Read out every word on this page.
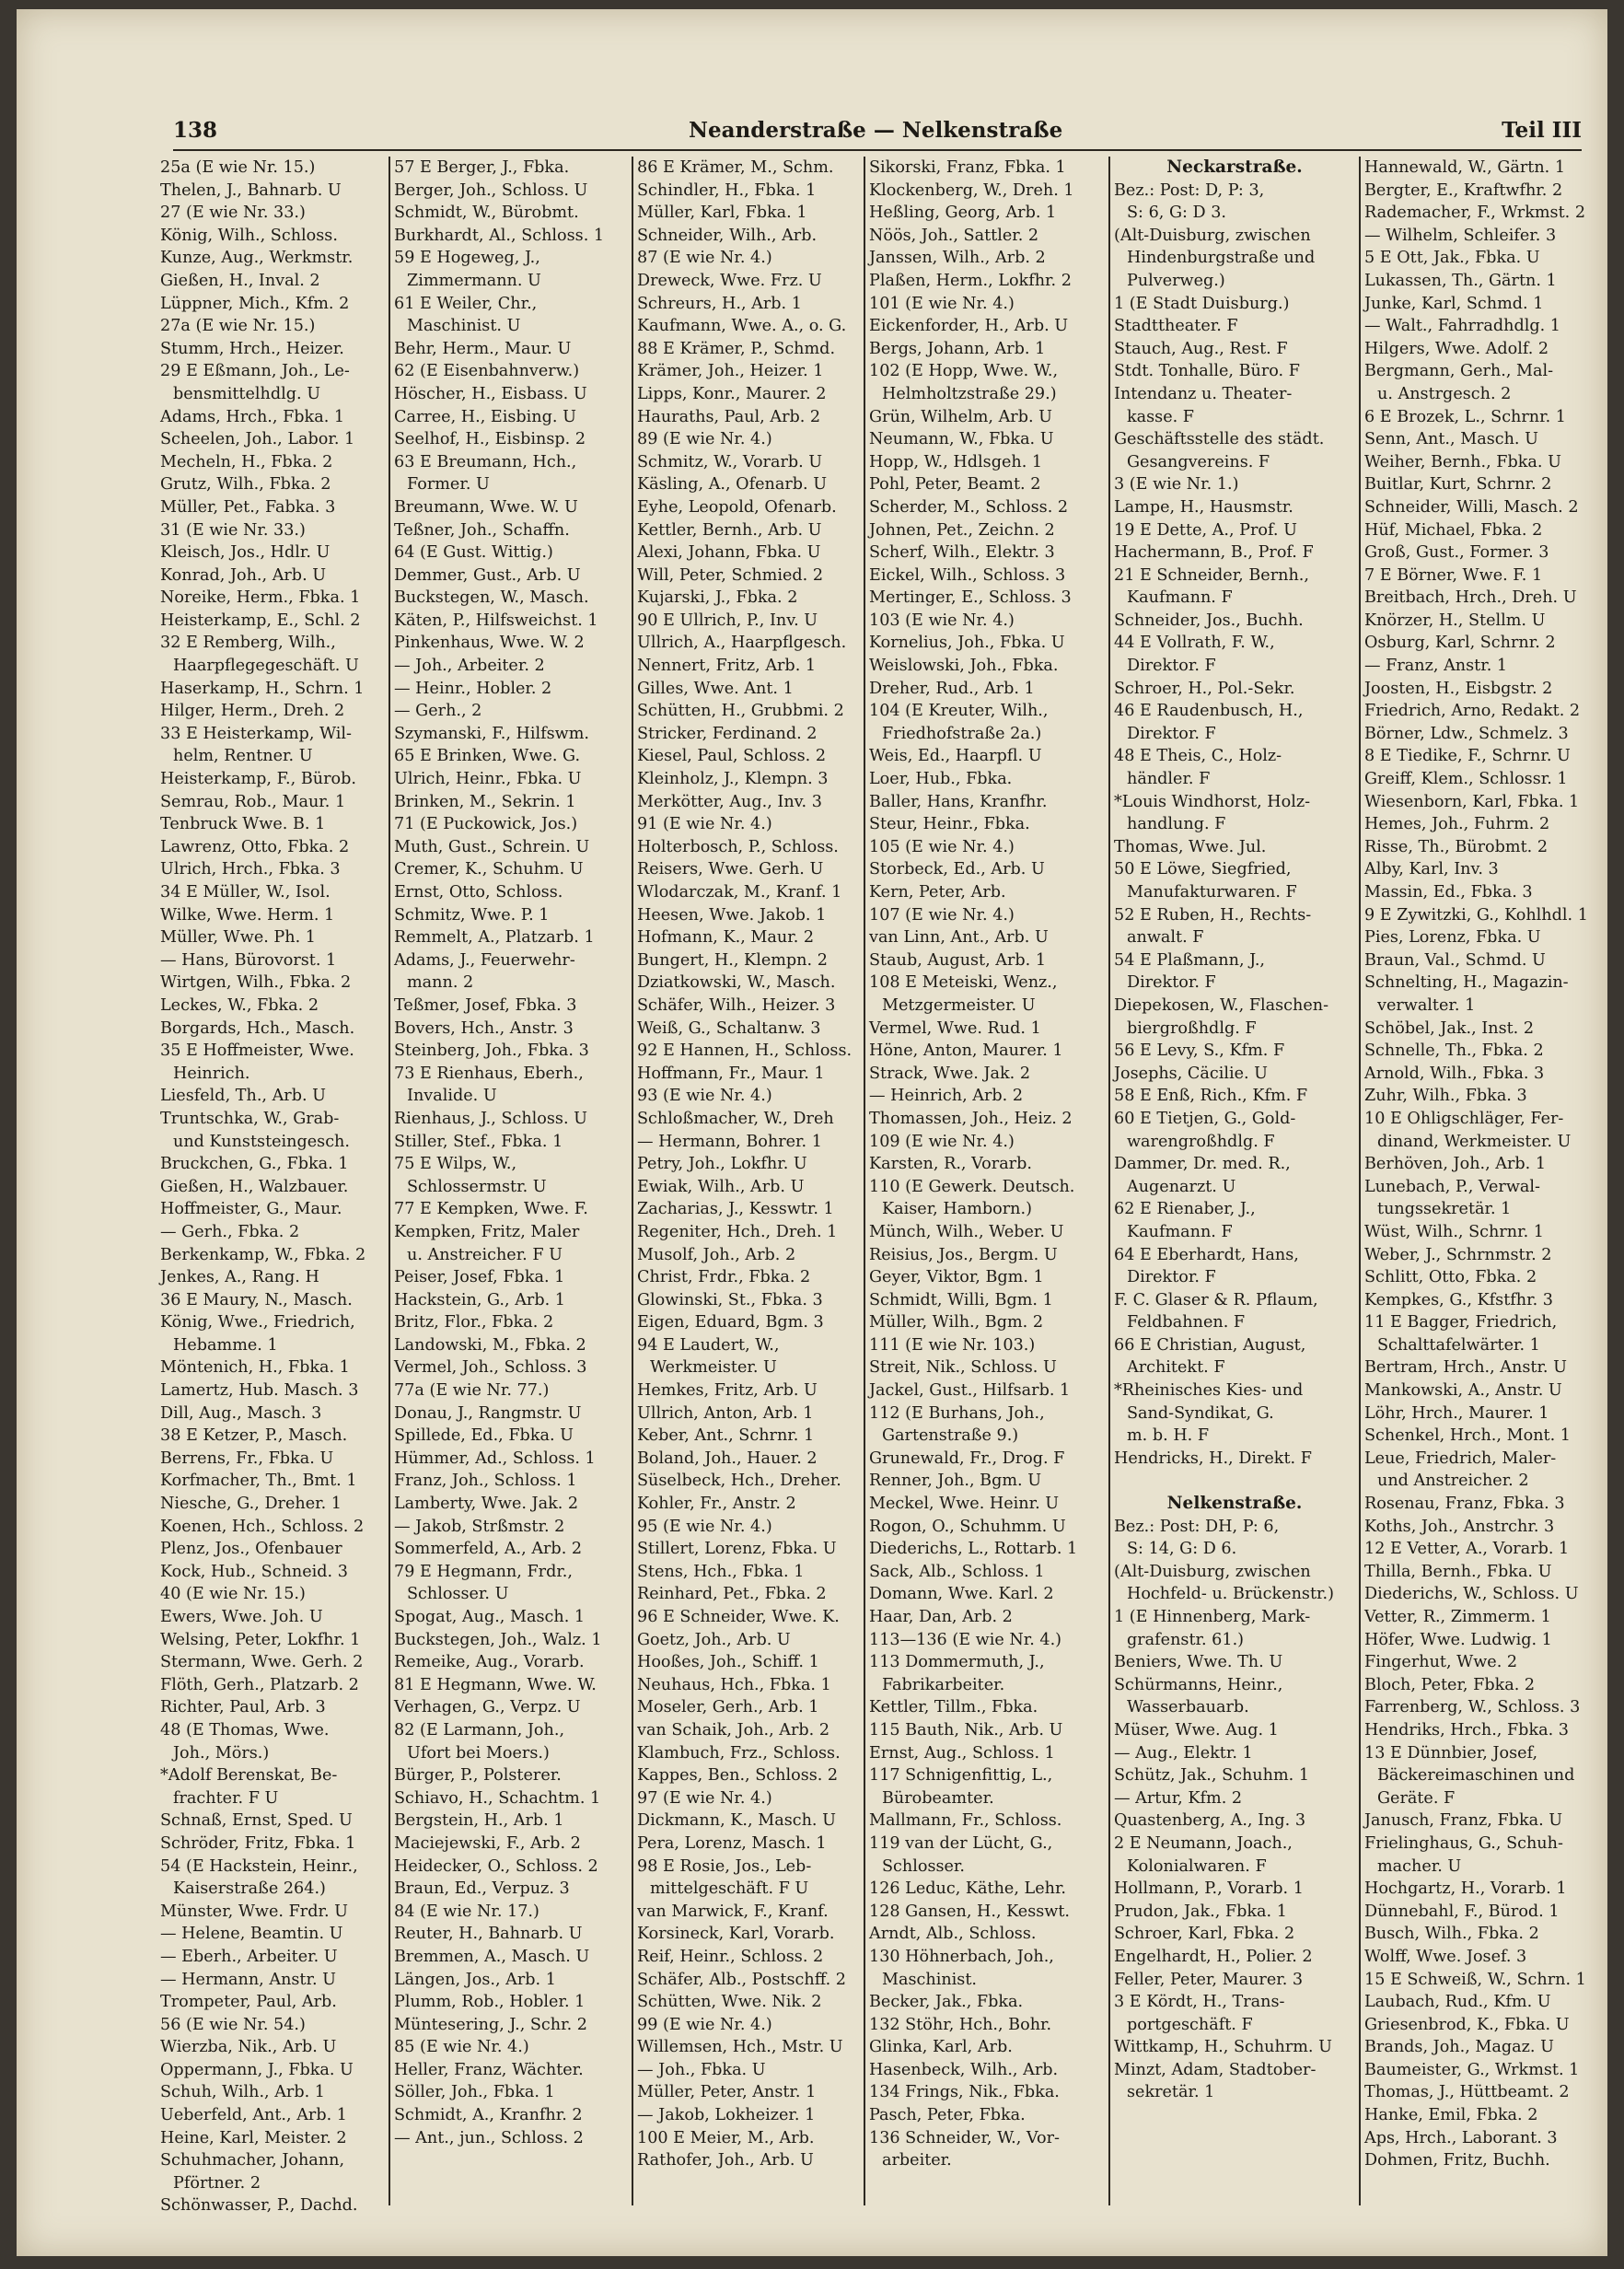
138	Neanderstraße — Nelkenstraße	Teil III
25a (E wie Nr. 15.)
Thelen, J., Bahnarb. U
27 (E wie Nr. 33.)
König, Wilh., Schloss.
Kunze, Aug., Werkmstr.
Gießen, H., Inval. 2
Lüppner, Mich., Kfm. 2
27a (E wie Nr. 15.)
Stumm, Hrch., Heizer.
29 E Eßmann, Joh., Le-
bensmittelhdlg. U
Adams, Hrch., Fbka. 1
Scheelen, Joh., Labor. 1
Mecheln, H., Fbka. 2
Grutz, Wilh., Fbka. 2
Müller, Pet., Fabka. 3
31 (E wie Nr. 33.)
Kleisch, Jos., Hdlr. U
Konrad, Joh., Arb. U
Noreike, Herm., Fbka. 1
Heisterkamp, E., Schl. 2
32 E Remberg, Wilh.,
Haarpflegegeschäft. U
Haserkamp, H., Schrn. 1
Hilger, Herm., Dreh. 2
33 E Heisterkamp, Wil-
helm, Rentner. U
Heisterkamp, F., Bürob.
Semrau, Rob., Maur. 1
Tenbruck Wwe. B. 1
Lawrenz, Otto, Fbka. 2
Ulrich, Hrch., Fbka. 3
34 E Müller, W., Isol.
Wilke, Wwe. Herm. 1
Müller, Wwe. Ph. 1
— Hans, Bürovorst. 1
Wirtgen, Wilh., Fbka. 2
Leckes, W., Fbka. 2
Borgards, Hch., Masch.
35 E Hoffmeister, Wwe.
Heinrich.
Liesfeld, Th., Arb. U
Truntschka, W., Grab-
und Kunststeingesch.
Bruckchen, G., Fbka. 1
Gießen, H., Walzbauer.
Hoffmeister, G., Maur.
— Gerh., Fbka. 2
Berkenkamp, W., Fbka. 2
Jenkes, A., Rang. H
36 E Maury, N., Masch.
König, Wwe., Friedrich,
Hebamme. 1
Möntenich, H., Fbka. 1
Lamertz, Hub. Masch. 3
Dill, Aug., Masch. 3
38 E Ketzer, P., Masch.
Berrens, Fr., Fbka. U
Korfmacher, Th., Bmt. 1
Niesche, G., Dreher. 1
Koenen, Hch., Schloss. 2
Plenz, Jos., Ofenbauer
Kock, Hub., Schneid. 3
40 (E wie Nr. 15.)
Ewers, Wwe. Joh. U
Welsing, Peter, Lokfhr. 1
Stermann, Wwe. Gerh. 2
Flöth, Gerh., Platzarb. 2
Richter, Paul, Arb. 3
48 (E Thomas, Wwe.
Joh., Mörs.)
*Adolf Berenskat, Be-
frachter. F U
Schnaß, Ernst, Sped. U
Schröder, Fritz, Fbka. 1
54 (E Hackstein, Heinr.,
Kaiserstraße 264.)
Münster, Wwe. Frdr. U
— Helene, Beamtin. U
— Eberh., Arbeiter. U
— Hermann, Anstr. U
Trompeter, Paul, Arb.
56 (E wie Nr. 54.)
Wierzba, Nik., Arb. U
Oppermann, J., Fbka. U
Schuh, Wilh., Arb. 1
Ueberfeld, Ant., Arb. 1
Heine, Karl, Meister. 2
Schuhmacher, Johann,
Pförtner. 2
Schönwasser, P., Dachd.
57 E Berger, J., Fbka.
Berger, Joh., Schloss. U
Schmidt, W., Bürobmt.
Burkhardt, Al., Schloss. 1
59 E Hogeweg, J.,
Zimmermann. U
61 E Weiler, Chr.,
Maschinist. U
Behr, Herm., Maur. U
62 (E Eisenbahnverw.)
Höscher, H., Eisbass. U
Carree, H., Eisbing. U
Seelhof, H., Eisbinsp. 2
63 E Breumann, Hch.,
Former. U
Breumann, Wwe. W. U
Teßner, Joh., Schaffn.
64 (E Gust. Wittig.)
Demmer, Gust., Arb. U
Buckstegen, W., Masch.
Käten, P., Hilfsweichst. 1
Pinkenhaus, Wwe. W. 2
— Joh., Arbeiter. 2
— Heinr., Hobler. 2
— Gerh., 2
Szymanski, F., Hilfswm.
65 E Brinken, Wwe. G.
Ulrich, Heinr., Fbka. U
Brinken, M., Sekrin. 1
71 (E Puckowick, Jos.)
Muth, Gust., Schrein. U
Cremer, K., Schuhm. U
Ernst, Otto, Schloss.
Schmitz, Wwe. P. 1
Remmelt, A., Platzarb. 1
Adams, J., Feuerwehr-
mann. 2
Teßmer, Josef, Fbka. 3
Bovers, Hch., Anstr. 3
Steinberg, Joh., Fbka. 3
73 E Rienhaus, Eberh.,
Invalide. U
Rienhaus, J., Schloss. U
Stiller, Stef., Fbka. 1
75 E Wilps, W.,
Schlossermstr. U
77 E Kempken, Wwe. F.
Kempken, Fritz, Maler
u. Anstreicher. F U
Peiser, Josef, Fbka. 1
Hackstein, G., Arb. 1
Britz, Flor., Fbka. 2
Landowski, M., Fbka. 2
Vermel, Joh., Schloss. 3
77a (E wie Nr. 77.)
Donau, J., Rangmstr. U
Spillede, Ed., Fbka. U
Hümmer, Ad., Schloss. 1
Franz, Joh., Schloss. 1
Lamberty, Wwe. Jak. 2
— Jakob, Strßmstr. 2
Sommerfeld, A., Arb. 2
79 E Hegmann, Frdr.,
Schlosser. U
Spogat, Aug., Masch. 1
Buckstegen, Joh., Walz. 1
Remeike, Aug., Vorarb.
81 E Hegmann, Wwe. W.
Verhagen, G., Verpz. U
82 (E Larmann, Joh.,
Ufort bei Moers.)
Bürger, P., Polsterer.
Schiavo, H., Schachtm. 1
Bergstein, H., Arb. 1
Maciejewski, F., Arb. 2
Heidecker, O., Schloss. 2
Braun, Ed., Verpuz. 3
84 (E wie Nr. 17.)
Reuter, H., Bahnarb. U
Bremmen, A., Masch. U
Längen, Jos., Arb. 1
Plumm, Rob., Hobler. 1
Müntesering, J., Schr. 2
85 (E wie Nr. 4.)
Heller, Franz, Wächter.
Söller, Joh., Fbka. 1
Schmidt, A., Kranfhr. 2
— Ant., jun., Schloss. 2
86 E Krämer, M., Schm.
Schindler, H., Fbka. 1
Müller, Karl, Fbka. 1
Schneider, Wilh., Arb.
87 (E wie Nr. 4.)
Dreweck, Wwe. Frz. U
Schreurs, H., Arb. 1
Kaufmann, Wwe. A., o. G.
88 E Krämer, P., Schmd.
Krämer, Joh., Heizer. 1
Lipps, Konr., Maurer. 2
Hauraths, Paul, Arb. 2
89 (E wie Nr. 4.)
Schmitz, W., Vorarb. U
Käsling, A., Ofenarb. U
Eyhe, Leopold, Ofenarb.
Kettler, Bernh., Arb. U
Alexi, Johann, Fbka. U
Will, Peter, Schmied. 2
Kujarski, J., Fbka. 2
90 E Ullrich, P., Inv. U
Ullrich, A., Haarpflgesch.
Nennert, Fritz, Arb. 1
Gilles, Wwe. Ant. 1
Schütten, H., Grubbmi. 2
Stricker, Ferdinand. 2
Kiesel, Paul, Schloss. 2
Kleinholz, J., Klempn. 3
Merkötter, Aug., Inv. 3
91 (E wie Nr. 4.)
Holterbosch, P., Schloss.
Reisers, Wwe. Gerh. U
Wlodarczak, M., Kranf. 1
Heesen, Wwe. Jakob. 1
Hofmann, K., Maur. 2
Bungert, H., Klempn. 2
Dziatkowski, W., Masch.
Schäfer, Wilh., Heizer. 3
Weiß, G., Schaltanw. 3
92 E Hannen, H., Schloss.
Hoffmann, Fr., Maur. 1
93 (E wie Nr. 4.)
Schloßmacher, W., Dreh
— Hermann, Bohrer. 1
Petry, Joh., Lokfhr. U
Ewiak, Wilh., Arb. U
Zacharias, J., Kesswtr. 1
Regeniter, Hch., Dreh. 1
Musolf, Joh., Arb. 2
Christ, Frdr., Fbka. 2
Glowinski, St., Fbka. 3
Eigen, Eduard, Bgm. 3
94 E Laudert, W.,
Werkmeister. U
Hemkes, Fritz, Arb. U
Ullrich, Anton, Arb. 1
Keber, Ant., Schrnr. 1
Boland, Joh., Hauer. 2
Süselbeck, Hch., Dreher.
Kohler, Fr., Anstr. 2
95 (E wie Nr. 4.)
Stillert, Lorenz, Fbka. U
Stens, Hch., Fbka. 1
Reinhard, Pet., Fbka. 2
96 E Schneider, Wwe. K.
Goetz, Joh., Arb. U
Hooßes, Joh., Schiff. 1
Neuhaus, Hch., Fbka. 1
Moseler, Gerh., Arb. 1
van Schaik, Joh., Arb. 2
Klambuch, Frz., Schloss.
Kappes, Ben., Schloss. 2
97 (E wie Nr. 4.)
Dickmann, K., Masch. U
Pera, Lorenz, Masch. 1
98 E Rosie, Jos., Leb-
mittelgeschäft. F U
van Marwick, F., Kranf.
Korsineck, Karl, Vorarb.
Reif, Heinr., Schloss. 2
Schäfer, Alb., Postschff. 2
Schütten, Wwe. Nik. 2
99 (E wie Nr. 4.)
Willemsen, Hch., Mstr. U
— Joh., Fbka. U
Müller, Peter, Anstr. 1
— Jakob, Lokheizer. 1
100 E Meier, M., Arb.
Rathofer, Joh., Arb. U
Sikorski, Franz, Fbka. 1
Klockenberg, W., Dreh. 1
Heßling, Georg, Arb. 1
Nöös, Joh., Sattler. 2
Janssen, Wilh., Arb. 2
Plaßen, Herm., Lokfhr. 2
101 (E wie Nr. 4.)
Eickenforder, H., Arb. U
Bergs, Johann, Arb. 1
102 (E Hopp, Wwe. W.,
Helmholtzstraße 29.)
Grün, Wilhelm, Arb. U
Neumann, W., Fbka. U
Hopp, W., Hdlsgeh. 1
Pohl, Peter, Beamt. 2
Scherder, M., Schloss. 2
Johnen, Pet., Zeichn. 2
Scherf, Wilh., Elektr. 3
Eickel, Wilh., Schloss. 3
Mertinger, E., Schloss. 3
103 (E wie Nr. 4.)
Kornelius, Joh., Fbka. U
Weislowski, Joh., Fbka.
Dreher, Rud., Arb. 1
104 (E Kreuter, Wilh.,
Friedhofstraße 2a.)
Weis, Ed., Haarpfl. U
Loer, Hub., Fbka.
Baller, Hans, Kranfhr.
Steur, Heinr., Fbka.
105 (E wie Nr. 4.)
Storbeck, Ed., Arb. U
Kern, Peter, Arb.
107 (E wie Nr. 4.)
van Linn, Ant., Arb. U
Staub, August, Arb. 1
108 E Meteiski, Wenz.,
Metzgermeister. U
Vermel, Wwe. Rud. 1
Höne, Anton, Maurer. 1
Strack, Wwe. Jak. 2
— Heinrich, Arb. 2
Thomassen, Joh., Heiz. 2
109 (E wie Nr. 4.)
Karsten, R., Vorarb.
110 (E Gewerk. Deutsch.
Kaiser, Hamborn.)
Münch, Wilh., Weber. U
Reisius, Jos., Bergm. U
Geyer, Viktor, Bgm. 1
Schmidt, Willi, Bgm. 1
Müller, Wilh., Bgm. 2
111 (E wie Nr. 103.)
Streit, Nik., Schloss. U
Jackel, Gust., Hilfsarb. 1
112 (E Burhans, Joh.,
Gartenstraße 9.)
Grunewald, Fr., Drog. F
Renner, Joh., Bgm. U
Meckel, Wwe. Heinr. U
Rogon, O., Schuhmm. U
Diederichs, L., Rottarb. 1
Sack, Alb., Schloss. 1
Domann, Wwe. Karl. 2
Haar, Dan, Arb. 2
113—136 (E wie Nr. 4.)
113 Dommermuth, J.,
Fabrikarbeiter.
Kettler, Tillm., Fbka.
115 Bauth, Nik., Arb. U
Ernst, Aug., Schloss. 1
117 Schnigenfittig, L.,
Bürobeamter.
Mallmann, Fr., Schloss.
119 van der Lücht, G.,
Schlosser.
126 Leduc, Käthe, Lehr.
128 Gansen, H., Kesswt.
Arndt, Alb., Schloss.
130 Höhnerbach, Joh.,
Maschinist.
Becker, Jak., Fbka.
132 Stöhr, Hch., Bohr.
Glinka, Karl, Arb.
Hasenbeck, Wilh., Arb.
134 Frings, Nik., Fbka.
Pasch, Peter, Fbka.
136 Schneider, W., Vor-
arbeiter.
Neckarstraße.
Bez.: Post: D, P: 3,
S: 6, G: D 3.
(Alt-Duisburg, zwischen
Hindenburgstraße und
Pulverweg.)
1 (E Stadt Duisburg.)
Stadttheater. F
Stauch, Aug., Rest. F
Stdt. Tonhalle, Büro. F
Intendanz u. Theater-
kasse. F
Geschäftsstelle des städt.
Gesangvereins. F
3 (E wie Nr. 1.)
Lampe, H., Hausmstr.
19 E Dette, A., Prof. U
Hachermann, B., Prof. F
21 E Schneider, Bernh.,
Kaufmann. F
Schneider, Jos., Buchh.
44 E Vollrath, F. W.,
Direktor. F
Schroer, H., Pol.-Sekr.
46 E Raudenbusch, H.,
Direktor. F
48 E Theis, C., Holz-
händler. F
*Louis Windhorst, Holz-
handlung. F
Thomas, Wwe. Jul.
50 E Löwe, Siegfried,
Manufakturwaren. F
52 E Ruben, H., Rechts-
anwalt. F
54 E Plaßmann, J.,
Direktor. F
Diepekosen, W., Flaschen-
biergroßhdlg. F
56 E Levy, S., Kfm. F
Josephs, Cäcilie. U
58 E Enß, Rich., Kfm. F
60 E Tietjen, G., Gold-
warengroßhdlg. F
Dammer, Dr. med. R.,
Augenarzt. U
62 E Rienaber, J.,
Kaufmann. F
64 E Eberhardt, Hans,
Direktor. F
F. C. Glaser & R. Pflaum,
Feldbahnen. F
66 E Christian, August,
Architekt. F
*Rheinisches Kies- und
Sand-Syndikat, G.
m. b. H. F
Hendricks, H., Direkt. F
Nelkenstraße.
Bez.: Post: DH, P: 6,
S: 14, G: D 6.
(Alt-Duisburg, zwischen
Hochfeld- u. Brückenstr.)
1 (E Hinnenberg, Mark-
grafenstr. 61.)
Beniers, Wwe. Th. U
Schürmanns, Heinr.,
Wasserbauarb.
Müser, Wwe. Aug. 1
— Aug., Elektr. 1
Schütz, Jak., Schuhm. 1
— Artur, Kfm. 2
Quastenberg, A., Ing. 3
2 E Neumann, Joach.,
Kolonialwaren. F
Hollmann, P., Vorarb. 1
Prudon, Jak., Fbka. 1
Schroer, Karl, Fbka. 2
Engelhardt, H., Polier. 2
Feller, Peter, Maurer. 3
3 E Kördt, H., Trans-
portgeschäft. F
Wittkamp, H., Schuhrm. U
Minzt, Adam, Stadtober-
sekretär. 1
Hannewald, W., Gärtn. 1
Bergter, E., Kraftwfhr. 2
Rademacher, F., Wrkmst. 2
— Wilhelm, Schleifer. 3
5 E Ott, Jak., Fbka. U
Lukassen, Th., Gärtn. 1
Junke, Karl, Schmd. 1
— Walt., Fahrradhdlg. 1
Hilgers, Wwe. Adolf. 2
Bergmann, Gerh., Mal-
u. Anstrgesch. 2
6 E Brozek, L., Schrnr. 1
Senn, Ant., Masch. U
Weiher, Bernh., Fbka. U
Buitlar, Kurt, Schrnr. 2
Schneider, Willi, Masch. 2
Hüf, Michael, Fbka. 2
Groß, Gust., Former. 3
7 E Börner, Wwe. F. 1
Breitbach, Hrch., Dreh. U
Knörzer, H., Stellm. U
Osburg, Karl, Schrnr. 2
— Franz, Anstr. 1
Joosten, H., Eisbgstr. 2
Friedrich, Arno, Redakt. 2
Börner, Ldw., Schmelz. 3
8 E Tiedike, F., Schrnr. U
Greiff, Klem., Schlossr. 1
Wiesenborn, Karl, Fbka. 1
Hemes, Joh., Fuhrm. 2
Risse, Th., Bürobmt. 2
Alby, Karl, Inv. 3
Massin, Ed., Fbka. 3
9 E Zywitzki, G., Kohlhdl. 1
Pies, Lorenz, Fbka. U
Braun, Val., Schmd. U
Schnelting, H., Magazin-
verwalter. 1
Schöbel, Jak., Inst. 2
Schnelle, Th., Fbka. 2
Arnold, Wilh., Fbka. 3
Zuhr, Wilh., Fbka. 3
10 E Ohligschläger, Fer-
dinand, Werkmeister. U
Berhöven, Joh., Arb. 1
Lunebach, P., Verwal-
tungssekretär. 1
Wüst, Wilh., Schrnr. 1
Weber, J., Schrnmstr. 2
Schlitt, Otto, Fbka. 2
Kempkes, G., Kfstfhr. 3
11 E Bagger, Friedrich,
Schalttafelwärter. 1
Bertram, Hrch., Anstr. U
Mankowski, A., Anstr. U
Löhr, Hrch., Maurer. 1
Schenkel, Hrch., Mont. 1
Leue, Friedrich, Maler-
und Anstreicher. 2
Rosenau, Franz, Fbka. 3
Koths, Joh., Anstrchr. 3
12 E Vetter, A., Vorarb. 1
Thilla, Bernh., Fbka. U
Diederichs, W., Schloss. U
Vetter, R., Zimmerm. 1
Höfer, Wwe. Ludwig. 1
Fingerhut, Wwe. 2
Bloch, Peter, Fbka. 2
Farrenberg, W., Schloss. 3
Hendriks, Hrch., Fbka. 3
13 E Dünnbier, Josef,
Bäckereimaschinen und
Geräte. F
Janusch, Franz, Fbka. U
Frielinghaus, G., Schuh-
macher. U
Hochgartz, H., Vorarb. 1
Dünnebahl, F., Bürod. 1
Busch, Wilh., Fbka. 2
Wolff, Wwe. Josef. 3
15 E Schweiß, W., Schrn. 1
Laubach, Rud., Kfm. U
Griesenbrod, K., Fbka. U
Brands, Joh., Magaz. U
Baumeister, G., Wrkmst. 1
Thomas, J., Hüttbeamt. 2
Hanke, Emil, Fbka. 2
Aps, Hrch., Laborant. 3
Dohmen, Fritz, Buchh.
